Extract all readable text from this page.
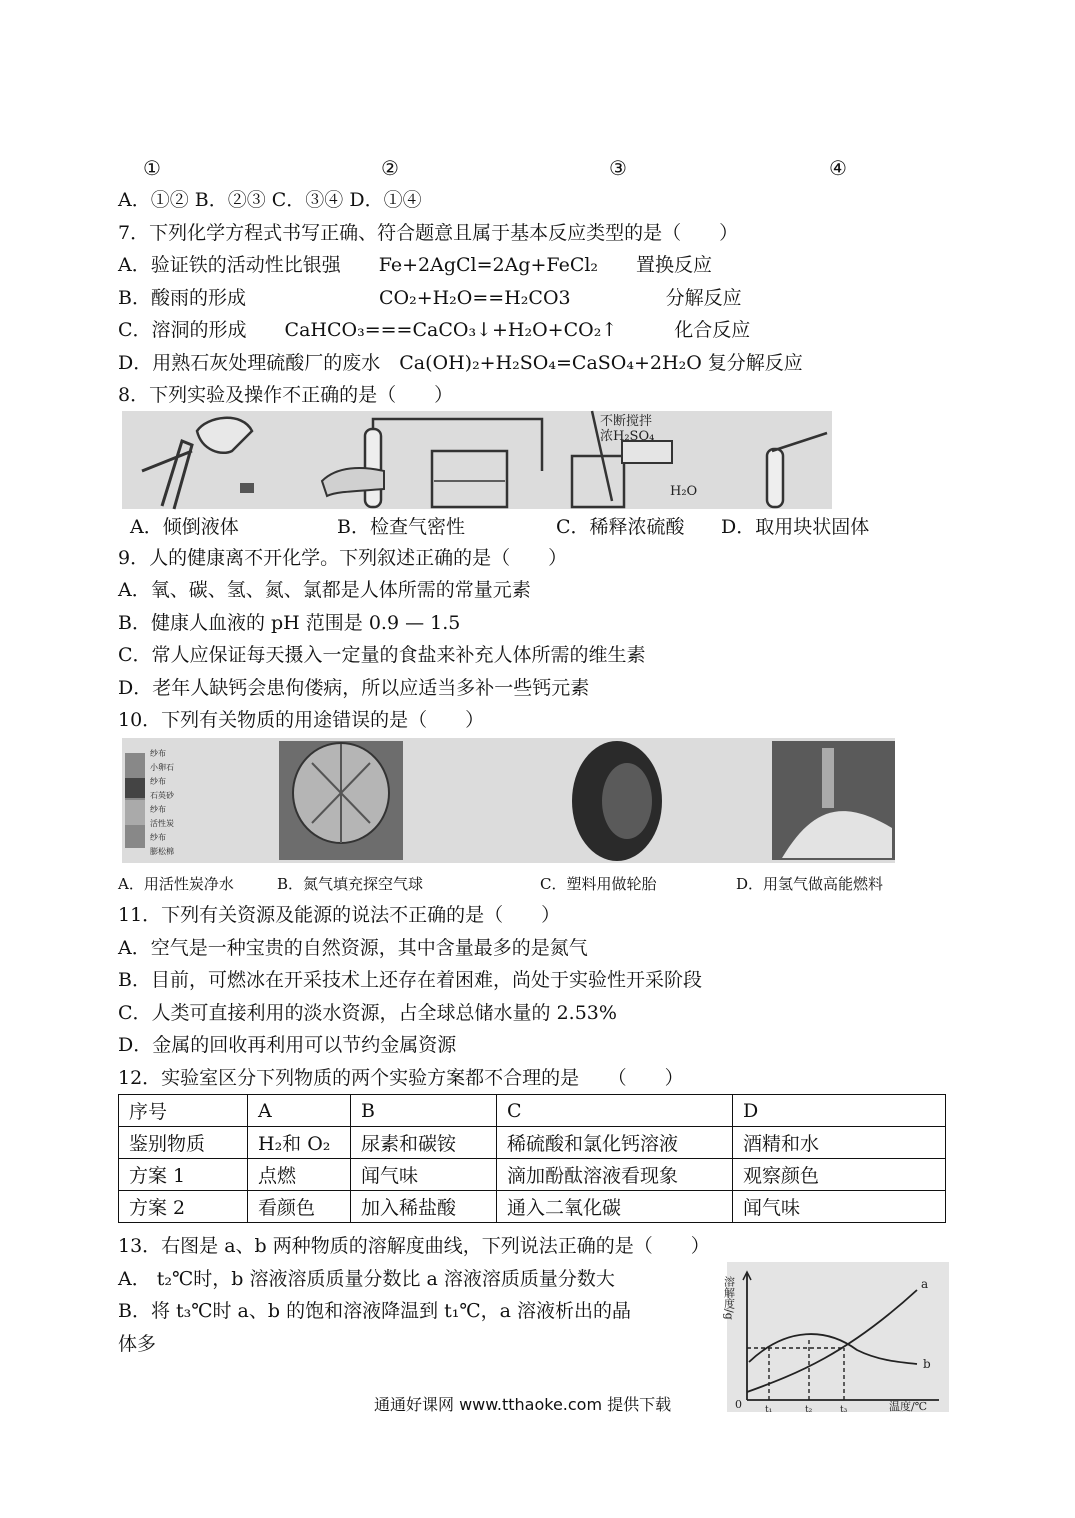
①	②	③	④
A．①② B．②③ C．③④ D．①④
7．下列化学方程式书写正确、符合题意且属于基本反应类型的是（　　）
A．验证铁的活动性比银强　　Fe+2AgCl=2Ag+FeCl₂　　置换反应
B．酸雨的形成　　　　　　　CO₂+H₂O==H₂CO3　　　　　分解反应
C．溶洞的形成　　CaHCO₃===CaCO₃↓+H₂O+CO₂↑　　　化合反应
D．用熟石灰处理硫酸厂的废水　Ca(OH)₂+H₂SO₄=CaSO₄+2H₂O 复分解反应
8．下列实验及操作不正确的是（　　）
不断搅拌
浓H₂SO₄
H₂O
A．倾倒液体	B．检查气密性	C．稀释浓硫酸 D．取用块状固体
9．人的健康离不开化学。下列叙述正确的是（　　）
A．氧、碳、氢、氮、氯都是人体所需的常量元素
B．健康人血液的 pH 范围是 0.9 — 1.5
C．常人应保证每天摄入一定量的食盐来补充人体所需的维生素
D．老年人缺钙会患佝偻病，所以应适当多补一些钙元素
10．下列有关物质的用途错误的是（　　）
纱布
小卵石
纱布
石英砂
纱布
活性炭
纱布
膨松棉
A．用活性炭净水	B．氮气填充探空气球	C．塑料用做轮胎	D．用氢气做高能燃料
11．下列有关资源及能源的说法不正确的是（　　）
A．空气是一种宝贵的自然资源，其中含量最多的是氮气
B．目前，可燃冰在开采技术上还存在着困难，尚处于实验性开采阶段
C．人类可直接利用的淡水资源，占全球总储水量的 2.53%
D．金属的回收再利用可以节约金属资源
12．实验室区分下列物质的两个实验方案都不合理的是　　（　　）
序号	A	B	C	D
鉴别物质	H₂和 O₂	尿素和碳铵	稀硫酸和氯化钙溶液	酒精和水
方案 1	点燃	闻气味	滴加酚酞溶液看现象	观察颜色
方案 2	看颜色	加入稀盐酸	通入二氧化碳	闻气味
13．右图是 a、b 两种物质的溶解度曲线，下列说法正确的是（　　）
A． t₂℃时，b 溶液溶质质量分数比 a 溶液溶质质量分数大
B．将 t₃℃时 a、b 的饱和溶液降温到 t₁℃，a 溶液析出的晶
体多
溶解度/g
温度/℃
0
a
b
t₁	t₂	t₃
通通好课网 www.tthaoke.com 提供下载
